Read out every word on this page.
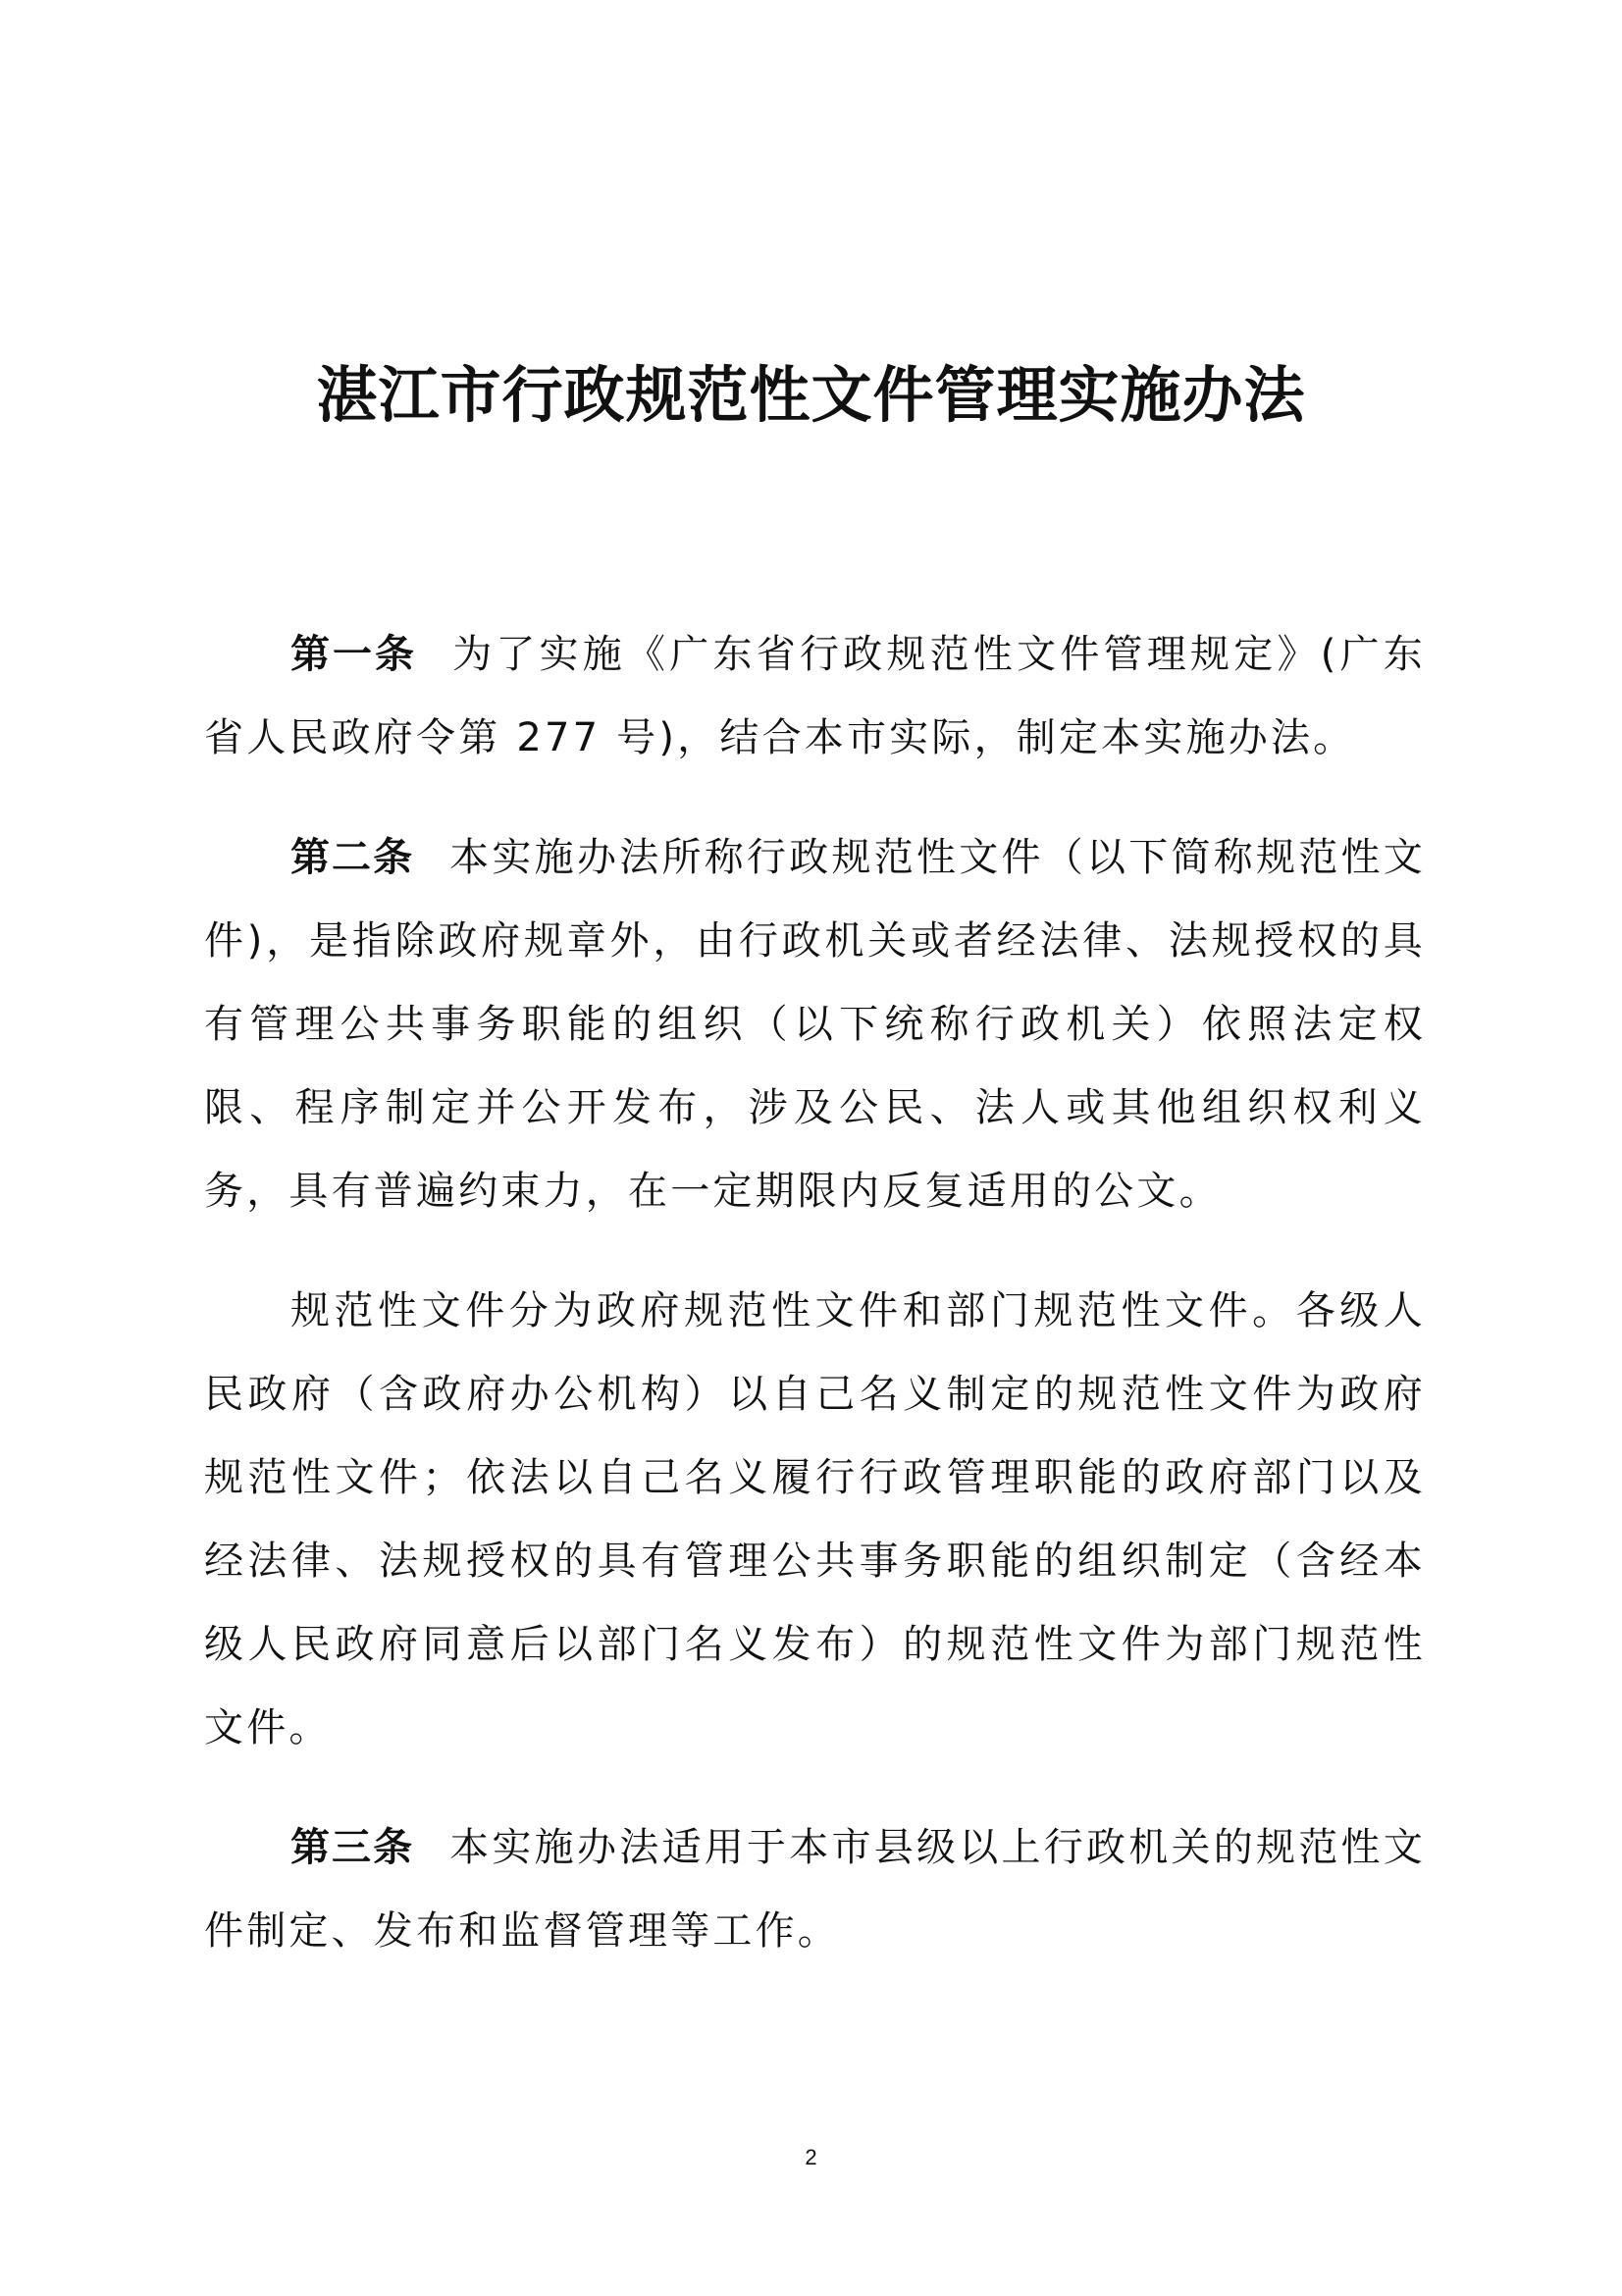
湛江市行政规范性文件管理实施办法

第一条 为了实施《广东省行政规范性文件管理规定》(广东省人民政府令第 277 号)，结合本市实际，制定本实施办法。

第二条 本实施办法所称行政规范性文件（以下简称规范性文件)，是指除政府规章外，由行政机关或者经法律、法规授权的具有管理公共事务职能的组织（以下统称行政机关）依照法定权限、程序制定并公开发布，涉及公民、法人或其他组织权利义务，具有普遍约束力，在一定期限内反复适用的公文。

规范性文件分为政府规范性文件和部门规范性文件。各级人民政府（含政府办公机构）以自己名义制定的规范性文件为政府规范性文件；依法以自己名义履行行政管理职能的政府部门以及经法律、法规授权的具有管理公共事务职能的组织制定（含经本级人民政府同意后以部门名义发布）的规范性文件为部门规范性文件。

第三条 本实施办法适用于本市县级以上行政机关的规范性文件制定、发布和监督管理等工作。

2
